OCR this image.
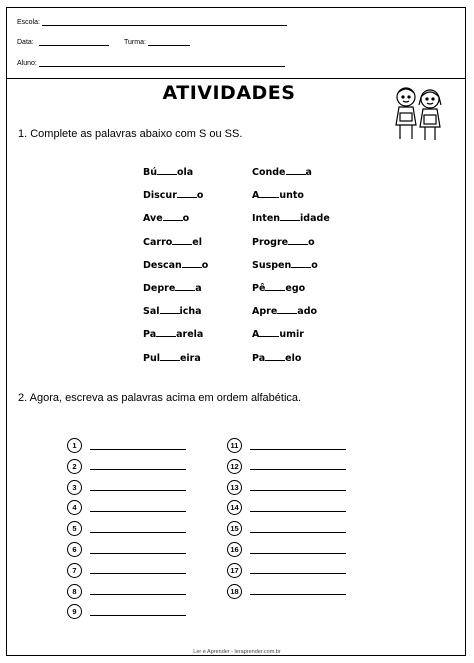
Escola:
Data:	Turma:
Aluno:
ATIVIDADES
1. Complete as palavras abaixo com S ou SS.
Bú ola
Discur o
Ave o
Carro el
Descan o
Depre a
Sal icha
Pa arela
Pul eira
Conde a
A unto
Inten idade
Progre o
Suspen o
Pê ego
Apre ado
A umir
Pa elo
2. Agora, escreva as palavras acima em ordem alfabética.
1
2
3
4
5
6
7
8
9
11
12
13
14
15
16
17
18
Ler e Aprender - leraprender.com.br
